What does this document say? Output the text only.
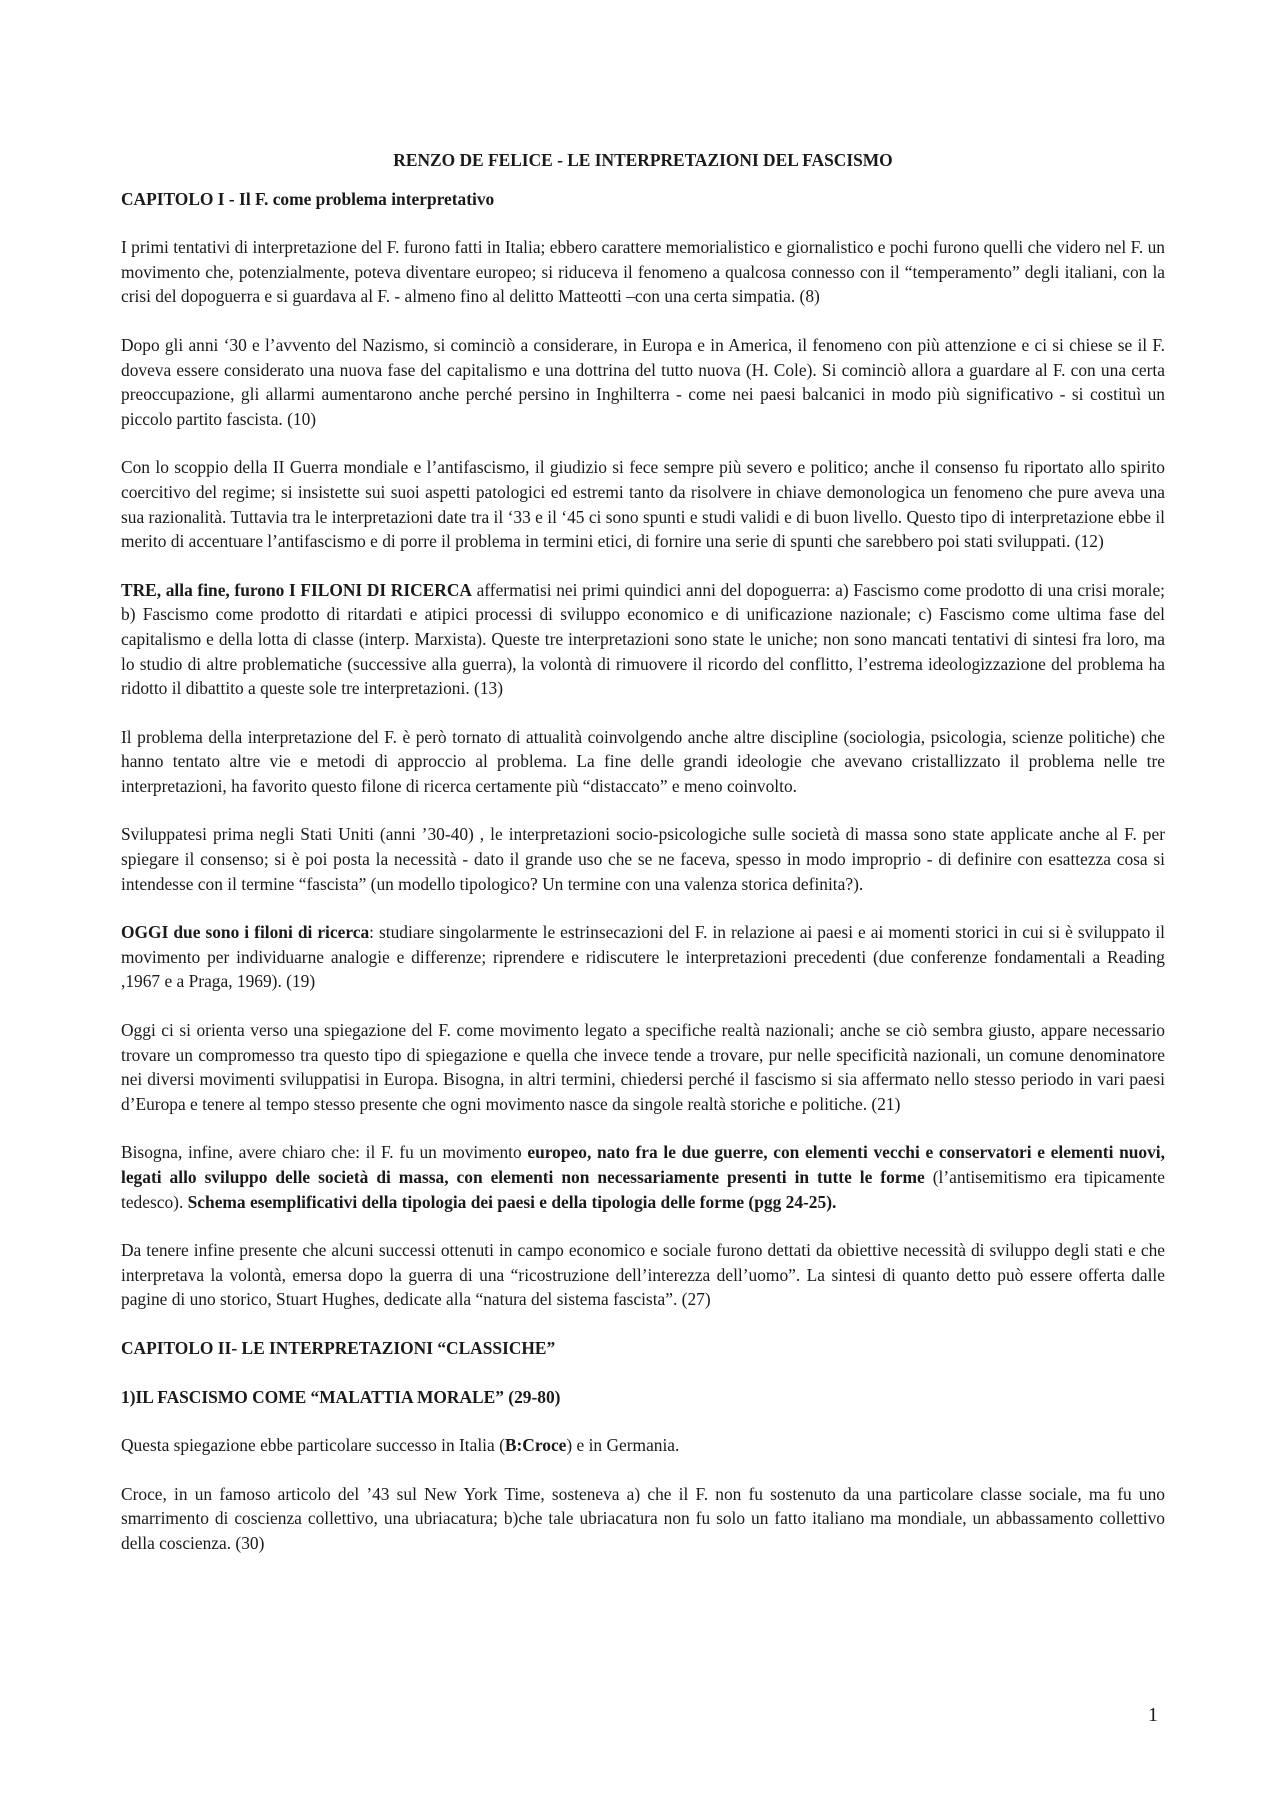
RENZO DE FELICE - LE INTERPRETAZIONI DEL FASCISMO
CAPITOLO I - Il F. come problema interpretativo

I primi tentativi di interpretazione del F. furono fatti in Italia; ebbero carattere memorialistico e giornalistico e pochi furono quelli che videro nel F. un movimento che, potenzialmente, poteva diventare europeo; si riduceva il fenomeno a qualcosa connesso con il “temperamento” degli italiani, con la crisi del dopoguerra e si guardava al F. - almeno fino al delitto Matteotti –con una certa simpatia. (8)

Dopo gli anni ‘30 e l’avvento del Nazismo, si cominciò a considerare, in Europa e in America, il fenomeno con più attenzione e ci si chiese se il F. doveva essere considerato una nuova fase del capitalismo e una dottrina del tutto nuova (H. Cole). Si cominciò allora a guardare al F. con una certa preoccupazione, gli allarmi aumentarono anche perché persino in Inghilterra - come nei paesi balcanici in modo più significativo - si costituì un piccolo partito fascista. (10)

Con lo scoppio della II Guerra mondiale e l’antifascismo, il giudizio si fece sempre più severo e politico; anche il consenso fu riportato allo spirito coercitivo del regime; si insistette sui suoi aspetti patologici ed estremi tanto da risolvere in chiave demonologica un fenomeno che pure aveva una sua razionalità. Tuttavia tra le interpretazioni date tra il ‘33 e il ‘45 ci sono spunti e studi validi e di buon livello. Questo tipo di interpretazione ebbe il merito di accentuare l’antifascismo e di porre il problema in termini etici, di fornire una serie di spunti che sarebbero poi stati sviluppati. (12)

TRE, alla fine, furono I FILONI DI RICERCA affermatisi nei primi quindici anni del dopoguerra: a) Fascismo come prodotto di una crisi morale; b) Fascismo come prodotto di ritardati e atipici processi di sviluppo economico e di unificazione nazionale; c) Fascismo come ultima fase del capitalismo e della lotta di classe (interp. Marxista). Queste tre interpretazioni sono state le uniche; non sono mancati tentativi di sintesi fra loro, ma lo studio di altre problematiche (successive alla guerra), la volontà di rimuovere il ricordo del conflitto, l’estrema ideologizzazione del problema ha ridotto il dibattito a queste sole tre interpretazioni. (13)

Il problema della interpretazione del F. è però tornato di attualità coinvolgendo anche altre discipline (sociologia, psicologia, scienze politiche) che hanno tentato altre vie e metodi di approccio al problema. La fine delle grandi ideologie che avevano cristallizzato il problema nelle tre interpretazioni, ha favorito questo filone di ricerca certamente più “distaccato” e meno coinvolto.

Sviluppatesi prima negli Stati Uniti (anni ’30-40) , le interpretazioni socio-psicologiche sulle società di massa sono state applicate anche al F. per spiegare il consenso; si è poi posta la necessità - dato il grande uso che se ne faceva, spesso in modo improprio - di definire con esattezza cosa si intendesse con il termine “fascista” (un modello tipologico? Un termine con una valenza storica definita?).

OGGI due sono i filoni di ricerca: studiare singolarmente le estrinsecazioni del F. in relazione ai paesi e ai momenti storici in cui si è sviluppato il movimento per individuarne analogie e differenze; riprendere e ridiscutere le interpretazioni precedenti (due conferenze fondamentali a Reading ,1967 e a Praga, 1969). (19)

Oggi ci si orienta verso una spiegazione del F. come movimento legato a specifiche realtà nazionali; anche se ciò sembra giusto, appare necessario trovare un compromesso tra questo tipo di spiegazione e quella che invece tende a trovare, pur nelle specificità nazionali, un comune denominatore nei diversi movimenti sviluppatisi in Europa. Bisogna, in altri termini, chiedersi perché il fascismo si sia affermato nello stesso periodo in vari paesi d’Europa e tenere al tempo stesso presente che ogni movimento nasce da singole realtà storiche e politiche. (21)

Bisogna, infine, avere chiaro che: il F. fu un movimento europeo, nato fra le due guerre, con elementi vecchi e conservatori e elementi nuovi, legati allo sviluppo delle società di massa, con elementi non necessariamente presenti in tutte le forme (l’antisemitismo era tipicamente tedesco). Schema esemplificativi della tipologia dei paesi e della tipologia delle forme (pgg 24-25).

Da tenere infine presente che alcuni successi ottenuti in campo economico e sociale furono dettati da obiettive necessità di sviluppo degli stati e che interpretava la volontà, emersa dopo la guerra di una “ricostruzione dell’interezza dell’uomo”. La sintesi di quanto detto può essere offerta dalle pagine di uno storico, Stuart Hughes, dedicate alla “natura del sistema fascista”. (27)

CAPITOLO II- LE INTERPRETAZIONI “CLASSICHE”
1)IL FASCISMO COME “MALATTIA MORALE” (29-80)

Questa spiegazione ebbe particolare successo in Italia (B:Croce) e in Germania.

Croce, in un famoso articolo del ’43 sul New York Time, sosteneva a) che il F. non fu sostenuto da una particolare classe sociale, ma fu uno smarrimento di coscienza collettivo, una ubriacatura; b)che tale ubriacatura non fu solo un fatto italiano ma mondiale, un abbassamento collettivo della coscienza. (30)

1
